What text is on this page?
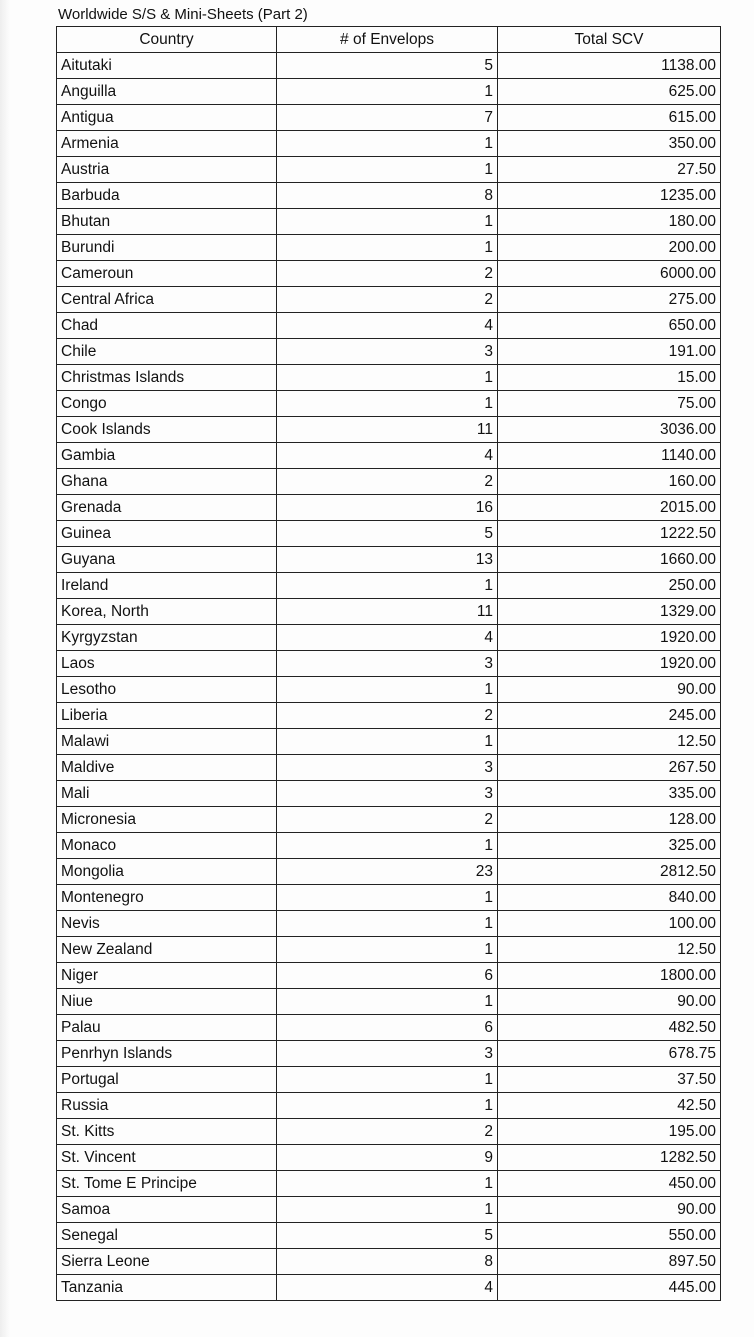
Worldwide S/S & Mini-Sheets (Part 2)
Country	# of Envelops	Total SCV
Aitutaki	5	1138.00
Anguilla	1	625.00
Antigua	7	615.00
Armenia	1	350.00
Austria	1	27.50
Barbuda	8	1235.00
Bhutan	1	180.00
Burundi	1	200.00
Cameroun	2	6000.00
Central Africa	2	275.00
Chad	4	650.00
Chile	3	191.00
Christmas Islands	1	15.00
Congo	1	75.00
Cook Islands	11	3036.00
Gambia	4	1140.00
Ghana	2	160.00
Grenada	16	2015.00
Guinea	5	1222.50
Guyana	13	1660.00
Ireland	1	250.00
Korea, North	11	1329.00
Kyrgyzstan	4	1920.00
Laos	3	1920.00
Lesotho	1	90.00
Liberia	2	245.00
Malawi	1	12.50
Maldive	3	267.50
Mali	3	335.00
Micronesia	2	128.00
Monaco	1	325.00
Mongolia	23	2812.50
Montenegro	1	840.00
Nevis	1	100.00
New Zealand	1	12.50
Niger	6	1800.00
Niue	1	90.00
Palau	6	482.50
Penrhyn Islands	3	678.75
Portugal	1	37.50
Russia	1	42.50
St. Kitts	2	195.00
St. Vincent	9	1282.50
St. Tome E Principe	1	450.00
Samoa	1	90.00
Senegal	5	550.00
Sierra Leone	8	897.50
Tanzania	4	445.00
